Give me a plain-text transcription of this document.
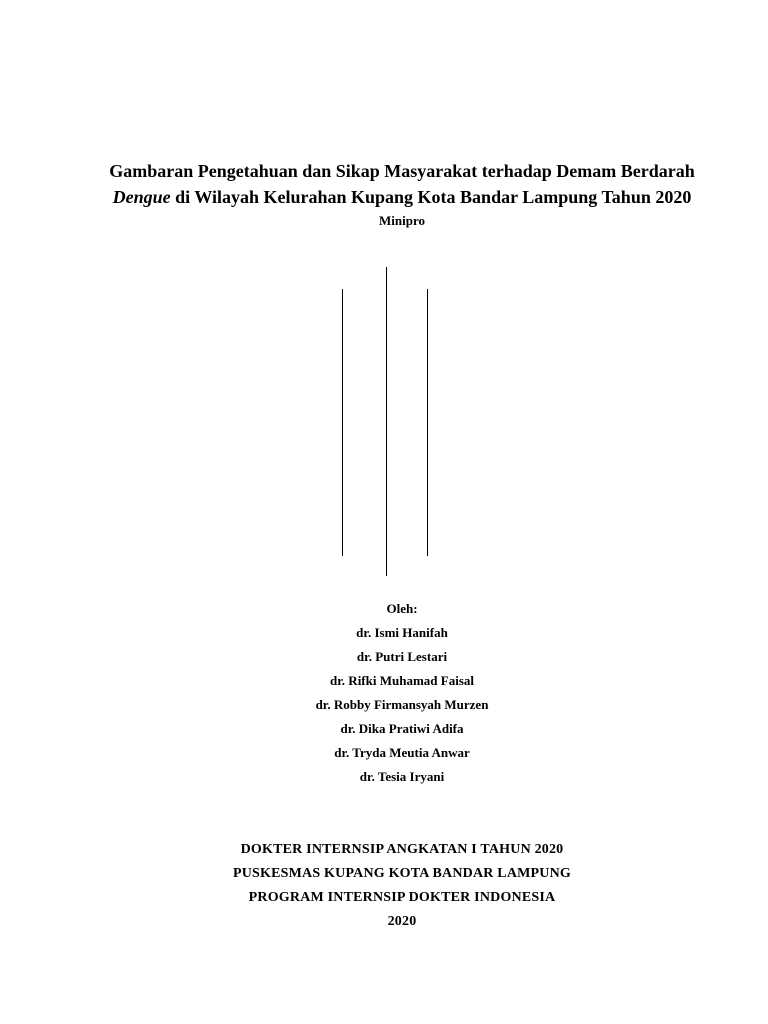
Gambaran Pengetahuan dan Sikap Masyarakat terhadap Demam Berdarah
Dengue di Wilayah Kelurahan Kupang Kota Bandar Lampung Tahun 2020
Minipro
Oleh:
dr. Ismi Hanifah
dr. Putri Lestari
dr. Rifki Muhamad Faisal
dr. Robby Firmansyah Murzen
dr. Dika Pratiwi Adifa
dr. Tryda Meutia Anwar
dr. Tesia Iryani
DOKTER INTERNSIP ANGKATAN I TAHUN 2020
PUSKESMAS KUPANG KOTA BANDAR LAMPUNG
PROGRAM INTERNSIP DOKTER INDONESIA
2020
